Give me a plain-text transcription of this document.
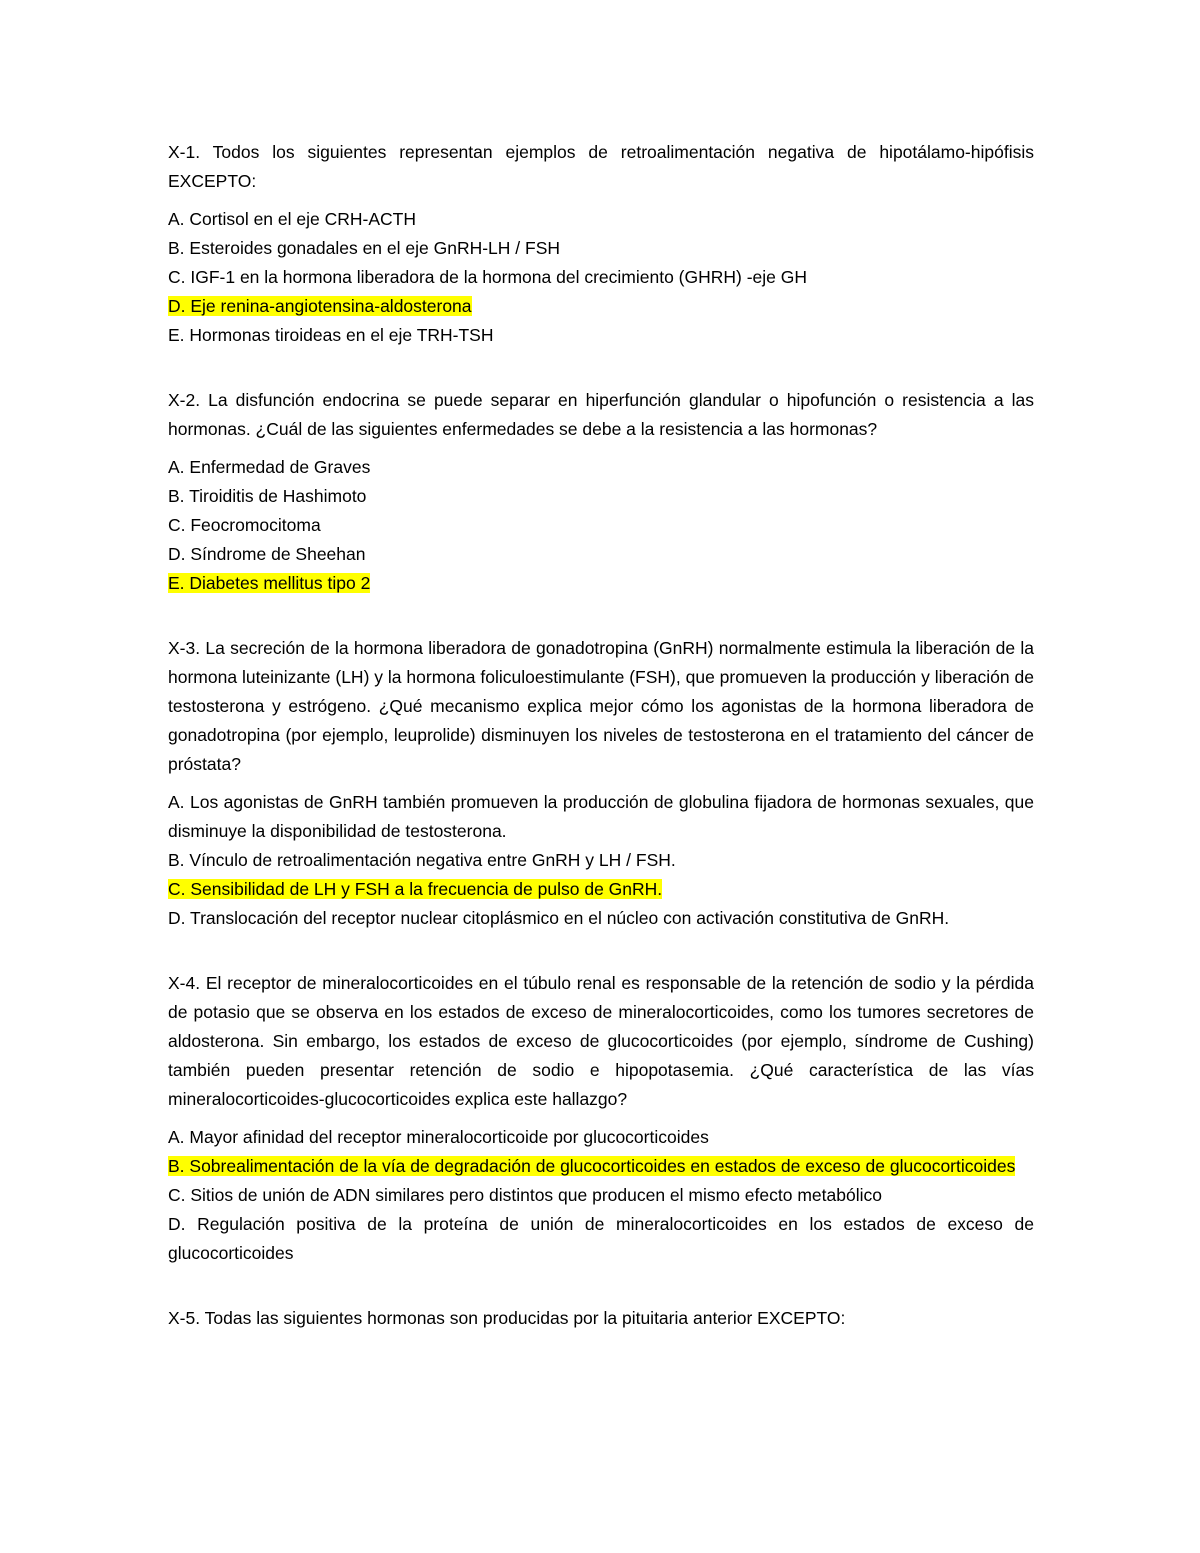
X-1. Todos los siguientes representan ejemplos de retroalimentación negativa de hipotálamo-hipófisis EXCEPTO:

A. Cortisol en el eje CRH-ACTH
B. Esteroides gonadales en el eje GnRH-LH / FSH
C. IGF-1 en la hormona liberadora de la hormona del crecimiento (GHRH) -eje GH
D. Eje renina-angiotensina-aldosterona
E. Hormonas tiroideas en el eje TRH-TSH

X-2. La disfunción endocrina se puede separar en hiperfunción glandular o hipofunción o resistencia a las hormonas. ¿Cuál de las siguientes enfermedades se debe a la resistencia a las hormonas?

A. Enfermedad de Graves
B. Tiroiditis de Hashimoto
C. Feocromocitoma
D. Síndrome de Sheehan
E. Diabetes mellitus tipo 2

X-3. La secreción de la hormona liberadora de gonadotropina (GnRH) normalmente estimula la liberación de la hormona luteinizante (LH) y la hormona foliculoestimulante (FSH), que promueven la producción y liberación de testosterona y estrógeno. ¿Qué mecanismo explica mejor cómo los agonistas de la hormona liberadora de gonadotropina (por ejemplo, leuprolide) disminuyen los niveles de testosterona en el tratamiento del cáncer de próstata?

A. Los agonistas de GnRH también promueven la producción de globulina fijadora de hormonas sexuales, que disminuye la disponibilidad de testosterona.
B. Vínculo de retroalimentación negativa entre GnRH y LH / FSH.
C. Sensibilidad de LH y FSH a la frecuencia de pulso de GnRH.
D. Translocación del receptor nuclear citoplásmico en el núcleo con activación constitutiva de GnRH.

X-4. El receptor de mineralocorticoides en el túbulo renal es responsable de la retención de sodio y la pérdida de potasio que se observa en los estados de exceso de mineralocorticoides, como los tumores secretores de aldosterona. Sin embargo, los estados de exceso de glucocorticoides (por ejemplo, síndrome de Cushing) también pueden presentar retención de sodio e hipopotasemia. ¿Qué característica de las vías mineralocorticoides-glucocorticoides explica este hallazgo?

A. Mayor afinidad del receptor mineralocorticoide por glucocorticoides
B. Sobrealimentación de la vía de degradación de glucocorticoides en estados de exceso de glucocorticoides
C. Sitios de unión de ADN similares pero distintos que producen el mismo efecto metabólico
D. Regulación positiva de la proteína de unión de mineralocorticoides en los estados de exceso de glucocorticoides

X-5. Todas las siguientes hormonas son producidas por la pituitaria anterior EXCEPTO:
